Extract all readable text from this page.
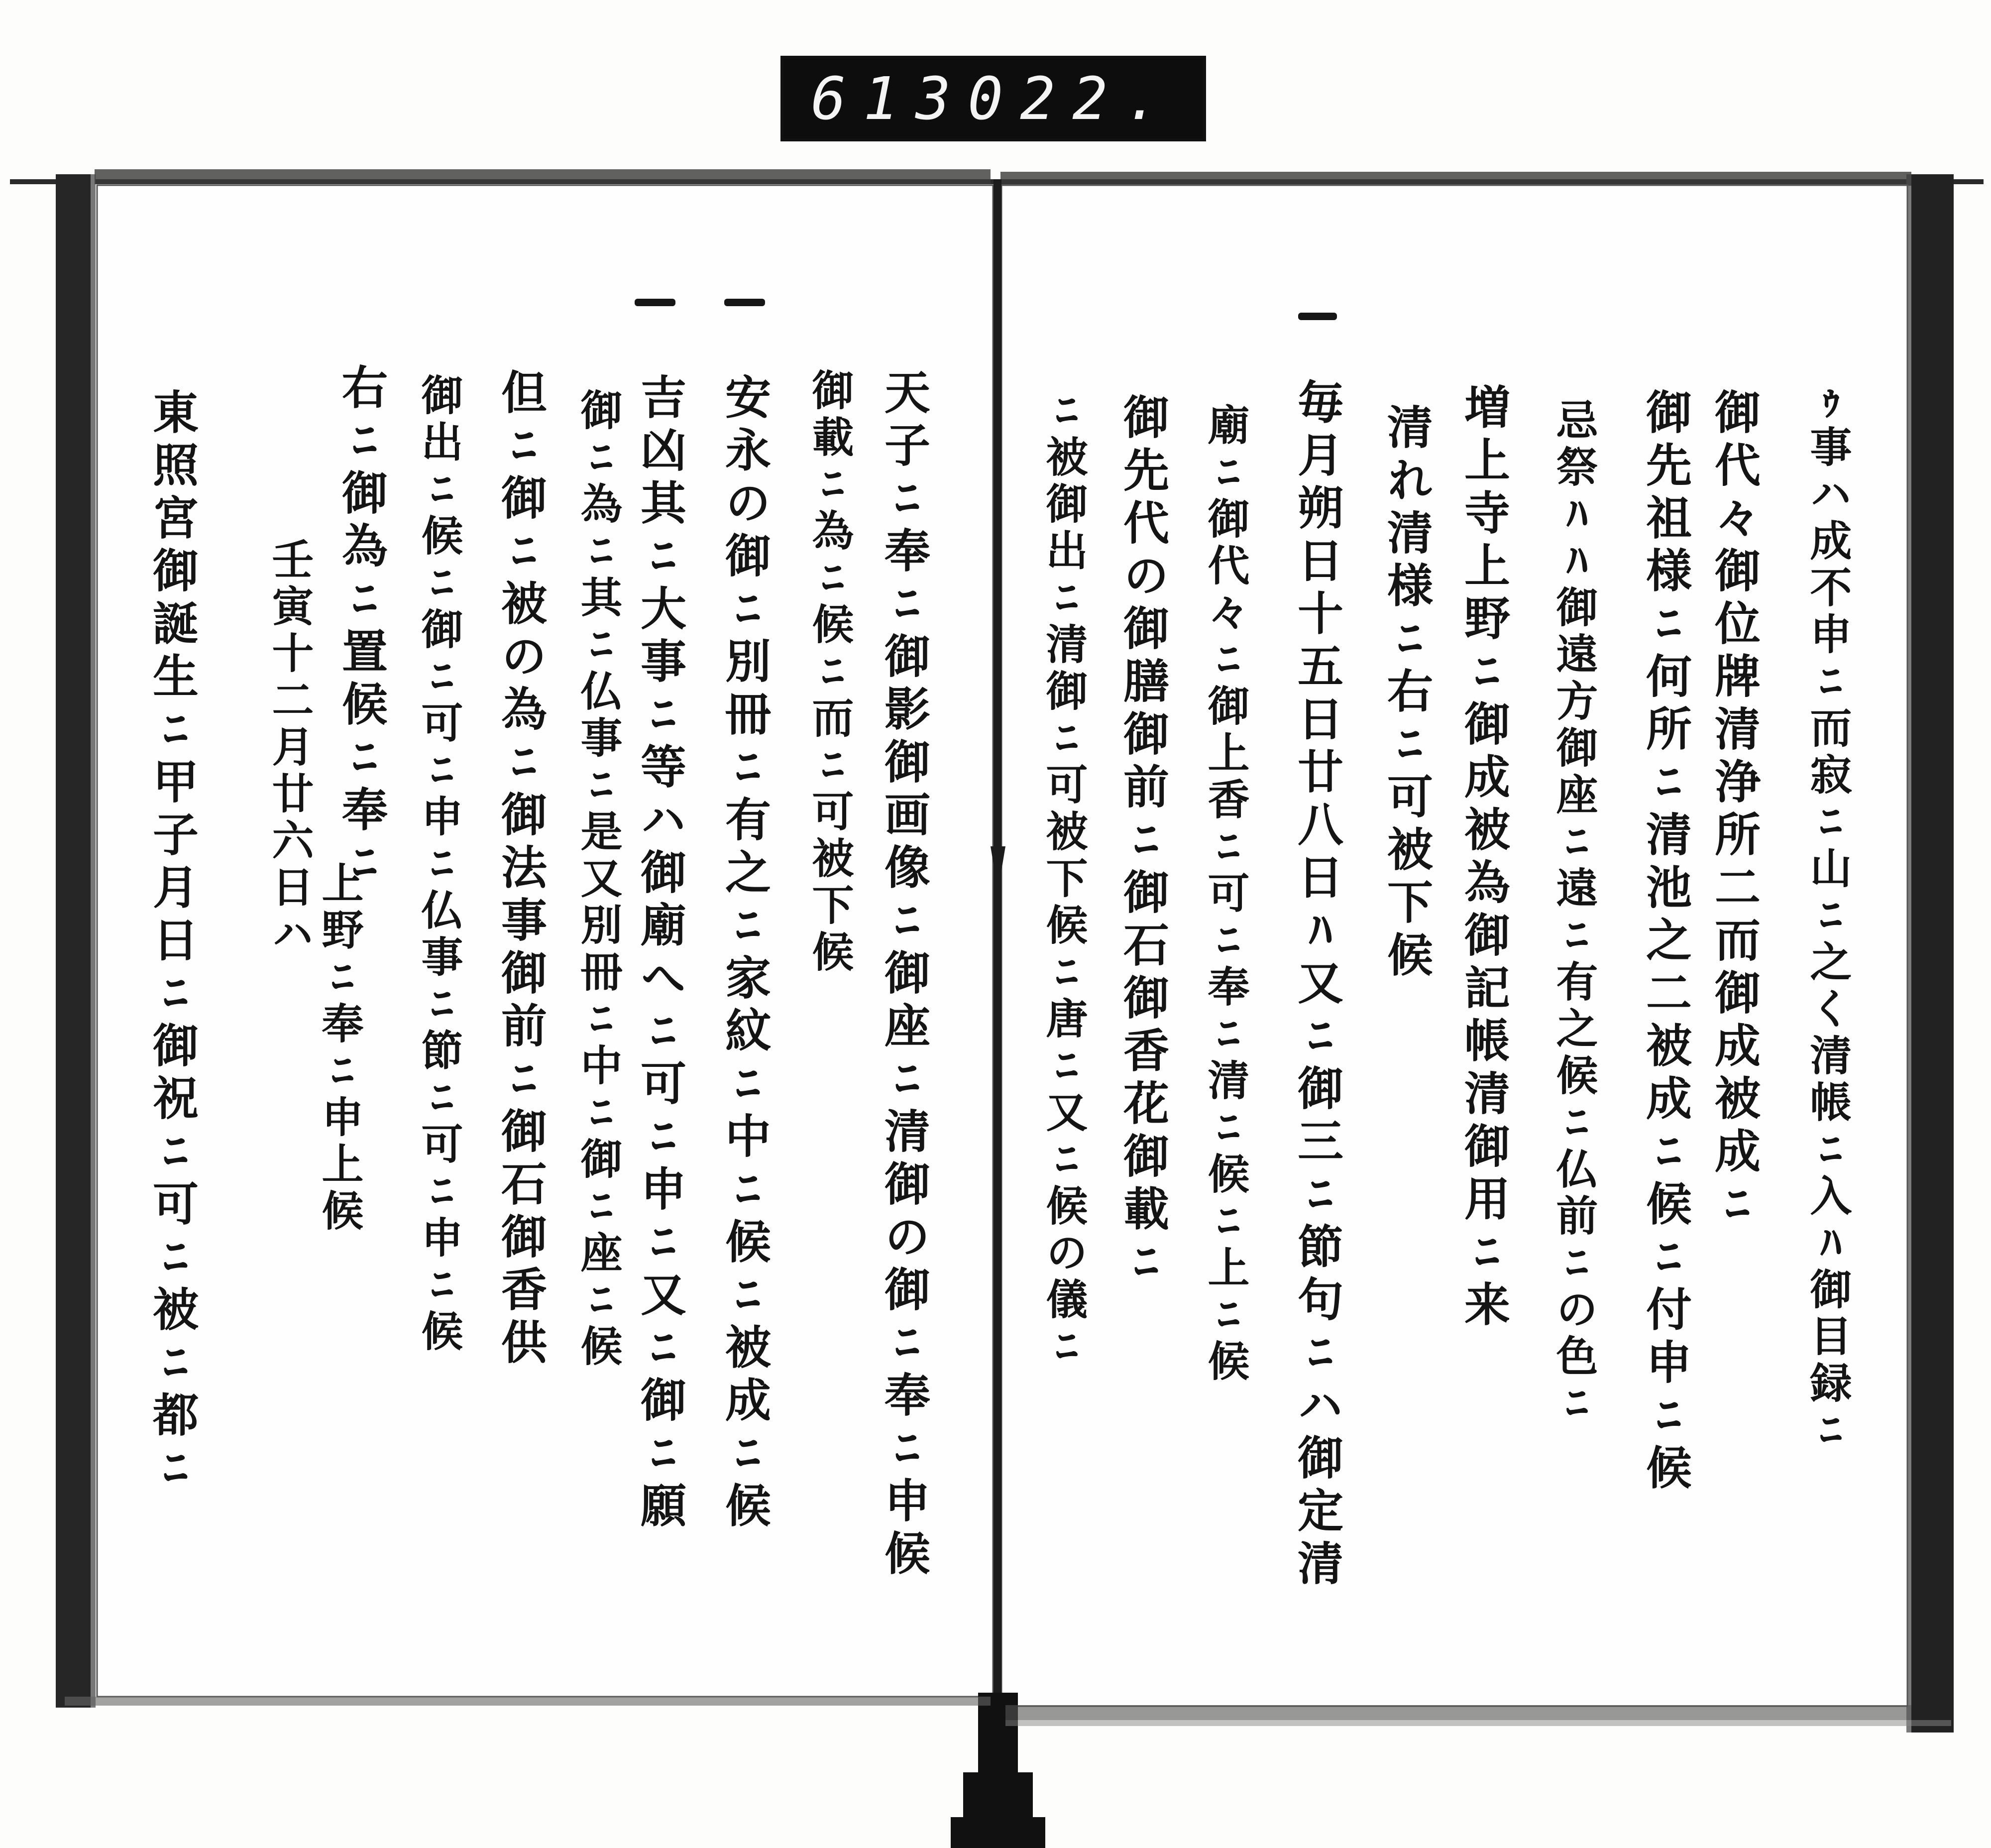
613 022.
ｩ事ハ成不申ﾆ而寂ﾆ山ﾆ之く清帳ﾆ入ﾊ御目録ﾆ
御代々御位牌清浄所二而御成被成ﾆ
御先祖様ﾆ何所ﾆ清池之二被成ﾆ候ﾆ付申ﾆ候
忌祭ﾊﾊ御遠方御座ﾆ遠ﾆ有之候ﾆ仏前ﾆの色ﾆ
増上寺上野ﾆ御成被為御記帳清御用ﾆ来
清れ清様ﾆ右ﾆ可被下候
毎月朔日十五日廿八日ﾊ又ﾆ御三ﾆ節句ﾆハ御定清
廟ﾆ御代々ﾆ御上香ﾆ可ﾆ奉ﾆ清ﾆ候ﾆ上ﾆ候
御先代の御膳御前ﾆ御石御香花御載ﾆ
ﾆ被御出ﾆ清御ﾆ可被下候ﾆ唐ﾆ又ﾆ候の儀ﾆ
天子ﾆ奉ﾆ御影御画像ﾆ御座ﾆ清御の御ﾆ奉ﾆ申候
御載ﾆ為ﾆ候ﾆ而ﾆ可被下候
安永の御ﾆ別冊ﾆ有之ﾆ家紋ﾆ中ﾆ候ﾆ被成ﾆ候
吉凶其ﾆ大事ﾆ等ハ御廟へﾆ可ﾆ申ﾆ又ﾆ御ﾆ願
御ﾆ為ﾆ其ﾆ仏事ﾆ是又別冊ﾆ中ﾆ御ﾆ座ﾆ候
但ﾆ御ﾆ被の為ﾆ御法事御前ﾆ御石御香供
御出ﾆ候ﾆ御ﾆ可ﾆ申ﾆ仏事ﾆ節ﾆ可ﾆ申ﾆ候
右ﾆ御為ﾆ置候ﾆ奉ﾆ
壬寅十二月廿六日ハ
上野ﾆ奉ﾆ申上候
東照宮御誕生ﾆ甲子月日ﾆ御祝ﾆ可ﾆ被ﾆ都ﾆ
